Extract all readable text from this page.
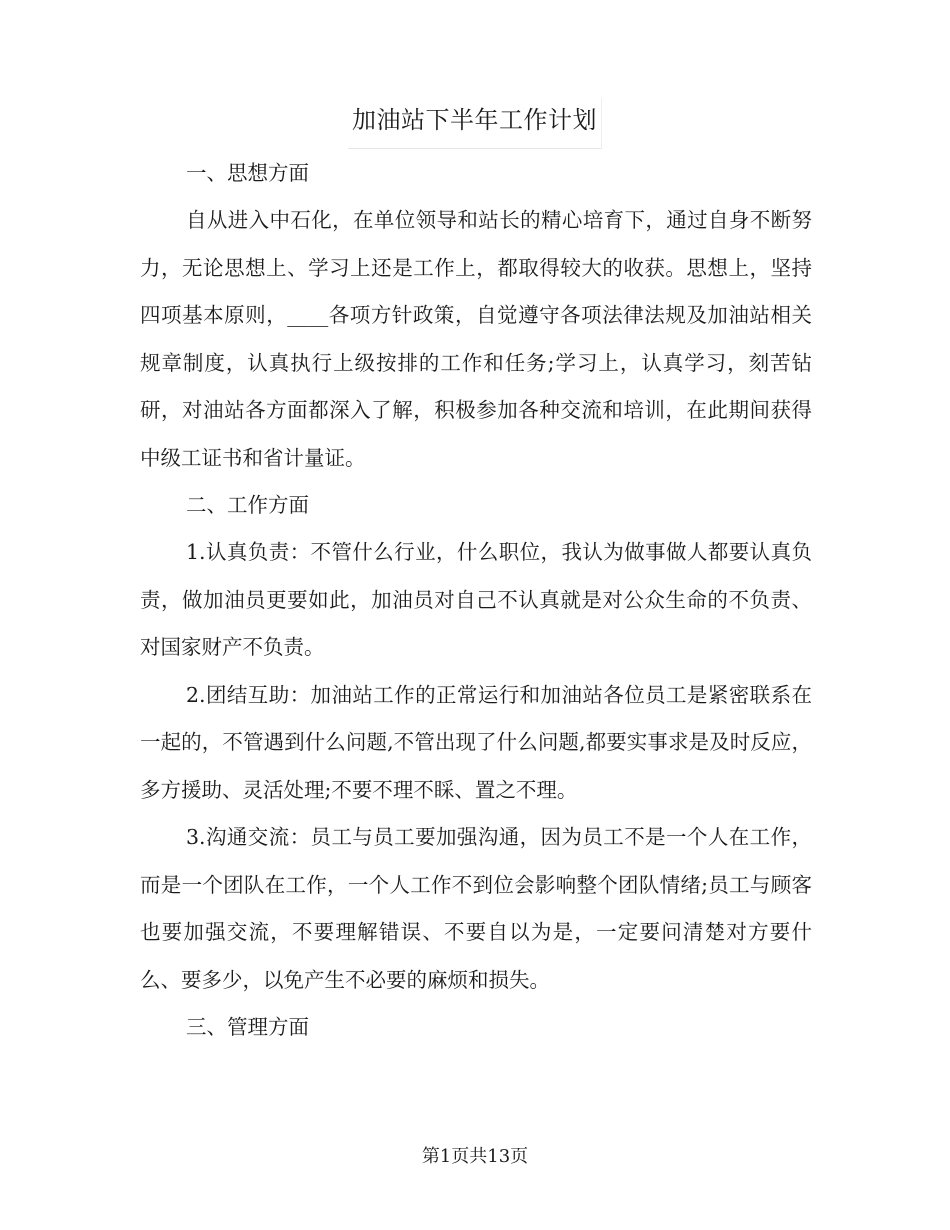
加油站下半年工作计划

一、思想方面

自从进入中石化，在单位领导和站长的精心培育下，通过自身不断努力，无论思想上、学习上还是工作上，都取得较大的收获。思想上，坚持四项基本原则，____各项方针政策，自觉遵守各项法律法规及加油站相关规章制度，认真执行上级按排的工作和任务;学习上，认真学习，刻苦钻研，对油站各方面都深入了解，积极参加各种交流和培训，在此期间获得中级工证书和省计量证。

二、工作方面

1.认真负责：不管什么行业，什么职位，我认为做事做人都要认真负责，做加油员更要如此，加油员对自己不认真就是对公众生命的不负责、对国家财产不负责。

2.团结互助：加油站工作的正常运行和加油站各位员工是紧密联系在一起的，不管遇到什么问题,不管出现了什么问题,都要实事求是及时反应，多方援助、灵活处理;不要不理不睬、置之不理。

3.沟通交流：员工与员工要加强沟通，因为员工不是一个人在工作，而是一个团队在工作，一个人工作不到位会影响整个团队情绪;员工与顾客也要加强交流，不要理解错误、不要自以为是，一定要问清楚对方要什么、要多少，以免产生不必要的麻烦和损失。

三、管理方面

第1页共13页
